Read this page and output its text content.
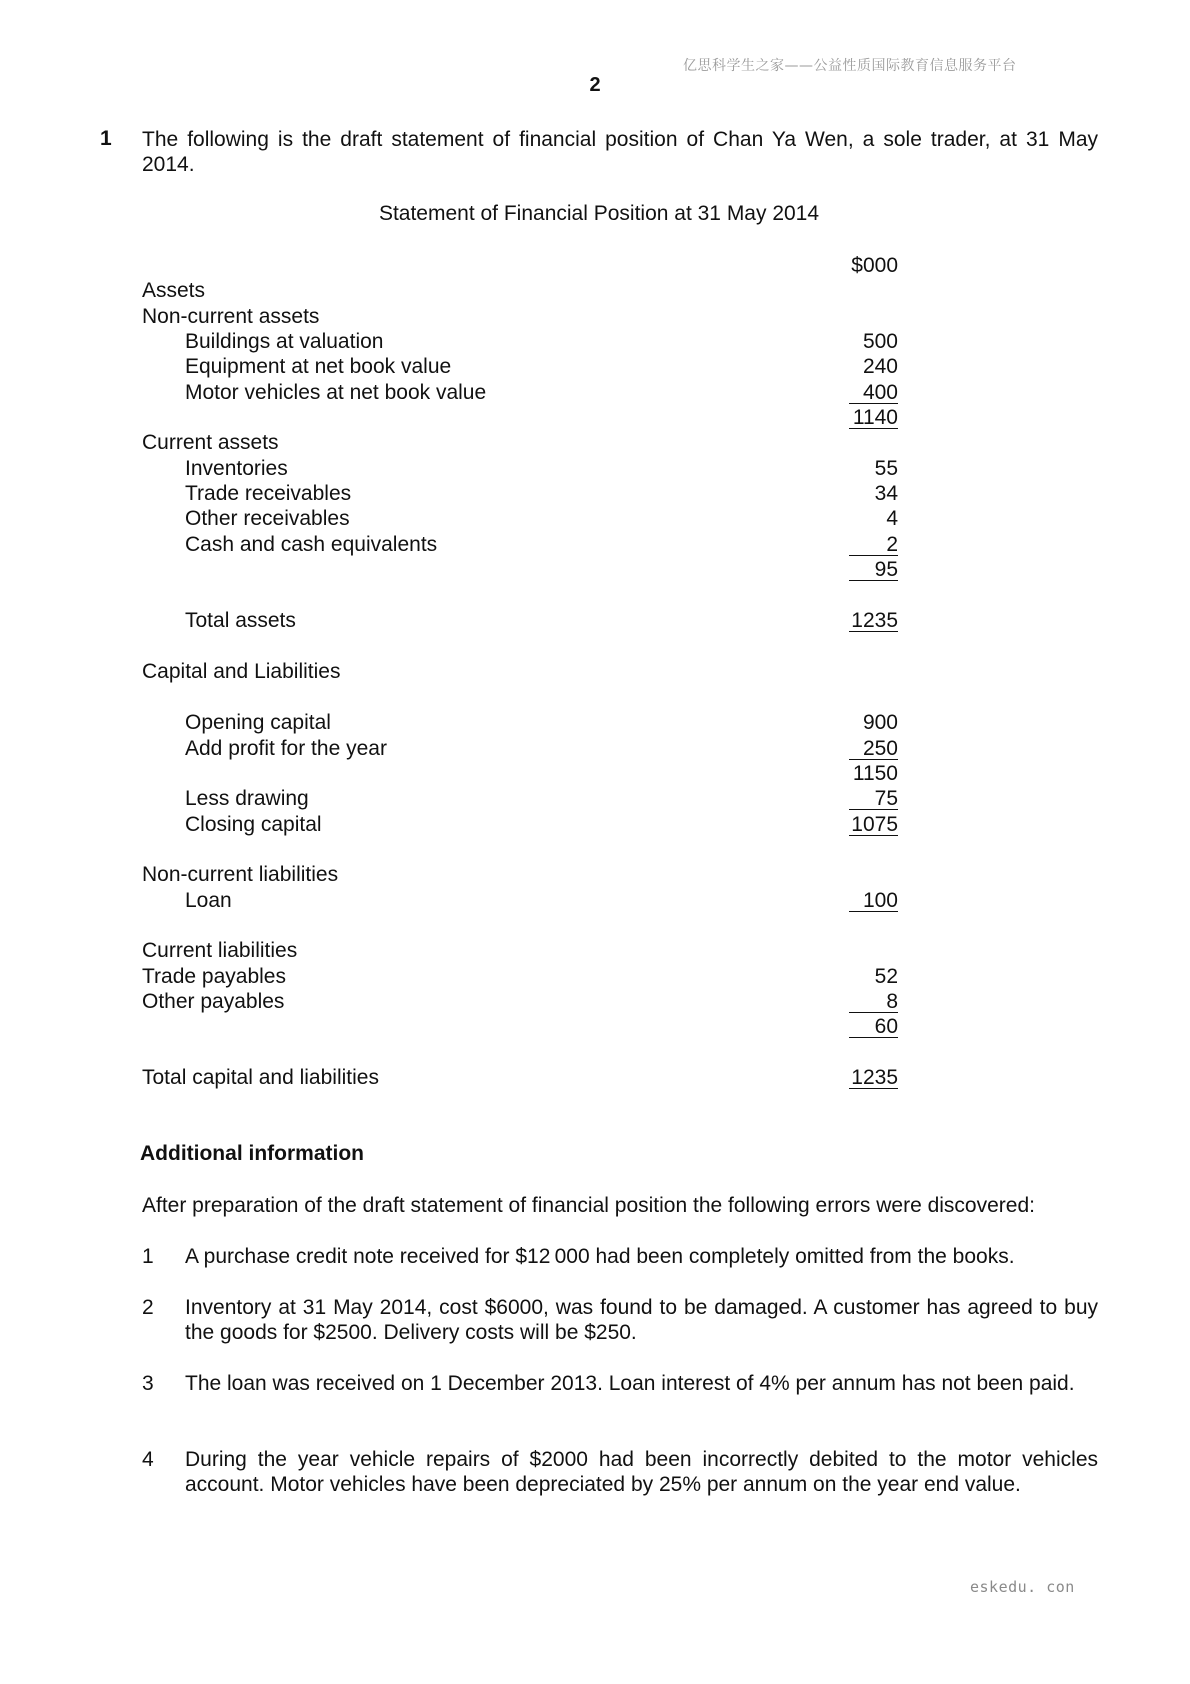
亿思科学生之家——公益性质国际教育信息服务平台
2
1 The following is the draft statement of financial position of Chan Ya Wen, a sole trader, at 31 May 2014.
Statement of Financial Position at 31 May 2014
$000
Assets
Non-current assets
Buildings at valuation	500
Equipment at net book value	240
Motor vehicles at net book value	400
1140
Current assets
Inventories	55
Trade receivables	34
Other receivables	4
Cash and cash equivalents	2
95
Total assets	1235
Capital and Liabilities
Opening capital	900
Add profit for the year	250
1150
Less drawing	75
Closing capital	1075
Non-current liabilities
Loan	100
Current liabilities
Trade payables	52
Other payables	8
60
Total capital and liabilities	1235
Additional information
After preparation of the draft statement of financial position the following errors were discovered:
1 A purchase credit note received for $12 000 had been completely omitted from the books.
2 Inventory at 31 May 2014, cost $6000, was found to be damaged. A customer has agreed to buy the goods for $2500. Delivery costs will be $250.
3 The loan was received on 1 December 2013. Loan interest of 4% per annum has not been paid.
4 During the year vehicle repairs of $2000 had been incorrectly debited to the motor vehicles account. Motor vehicles have been depreciated by 25% per annum on the year end value.
eskedu. con
